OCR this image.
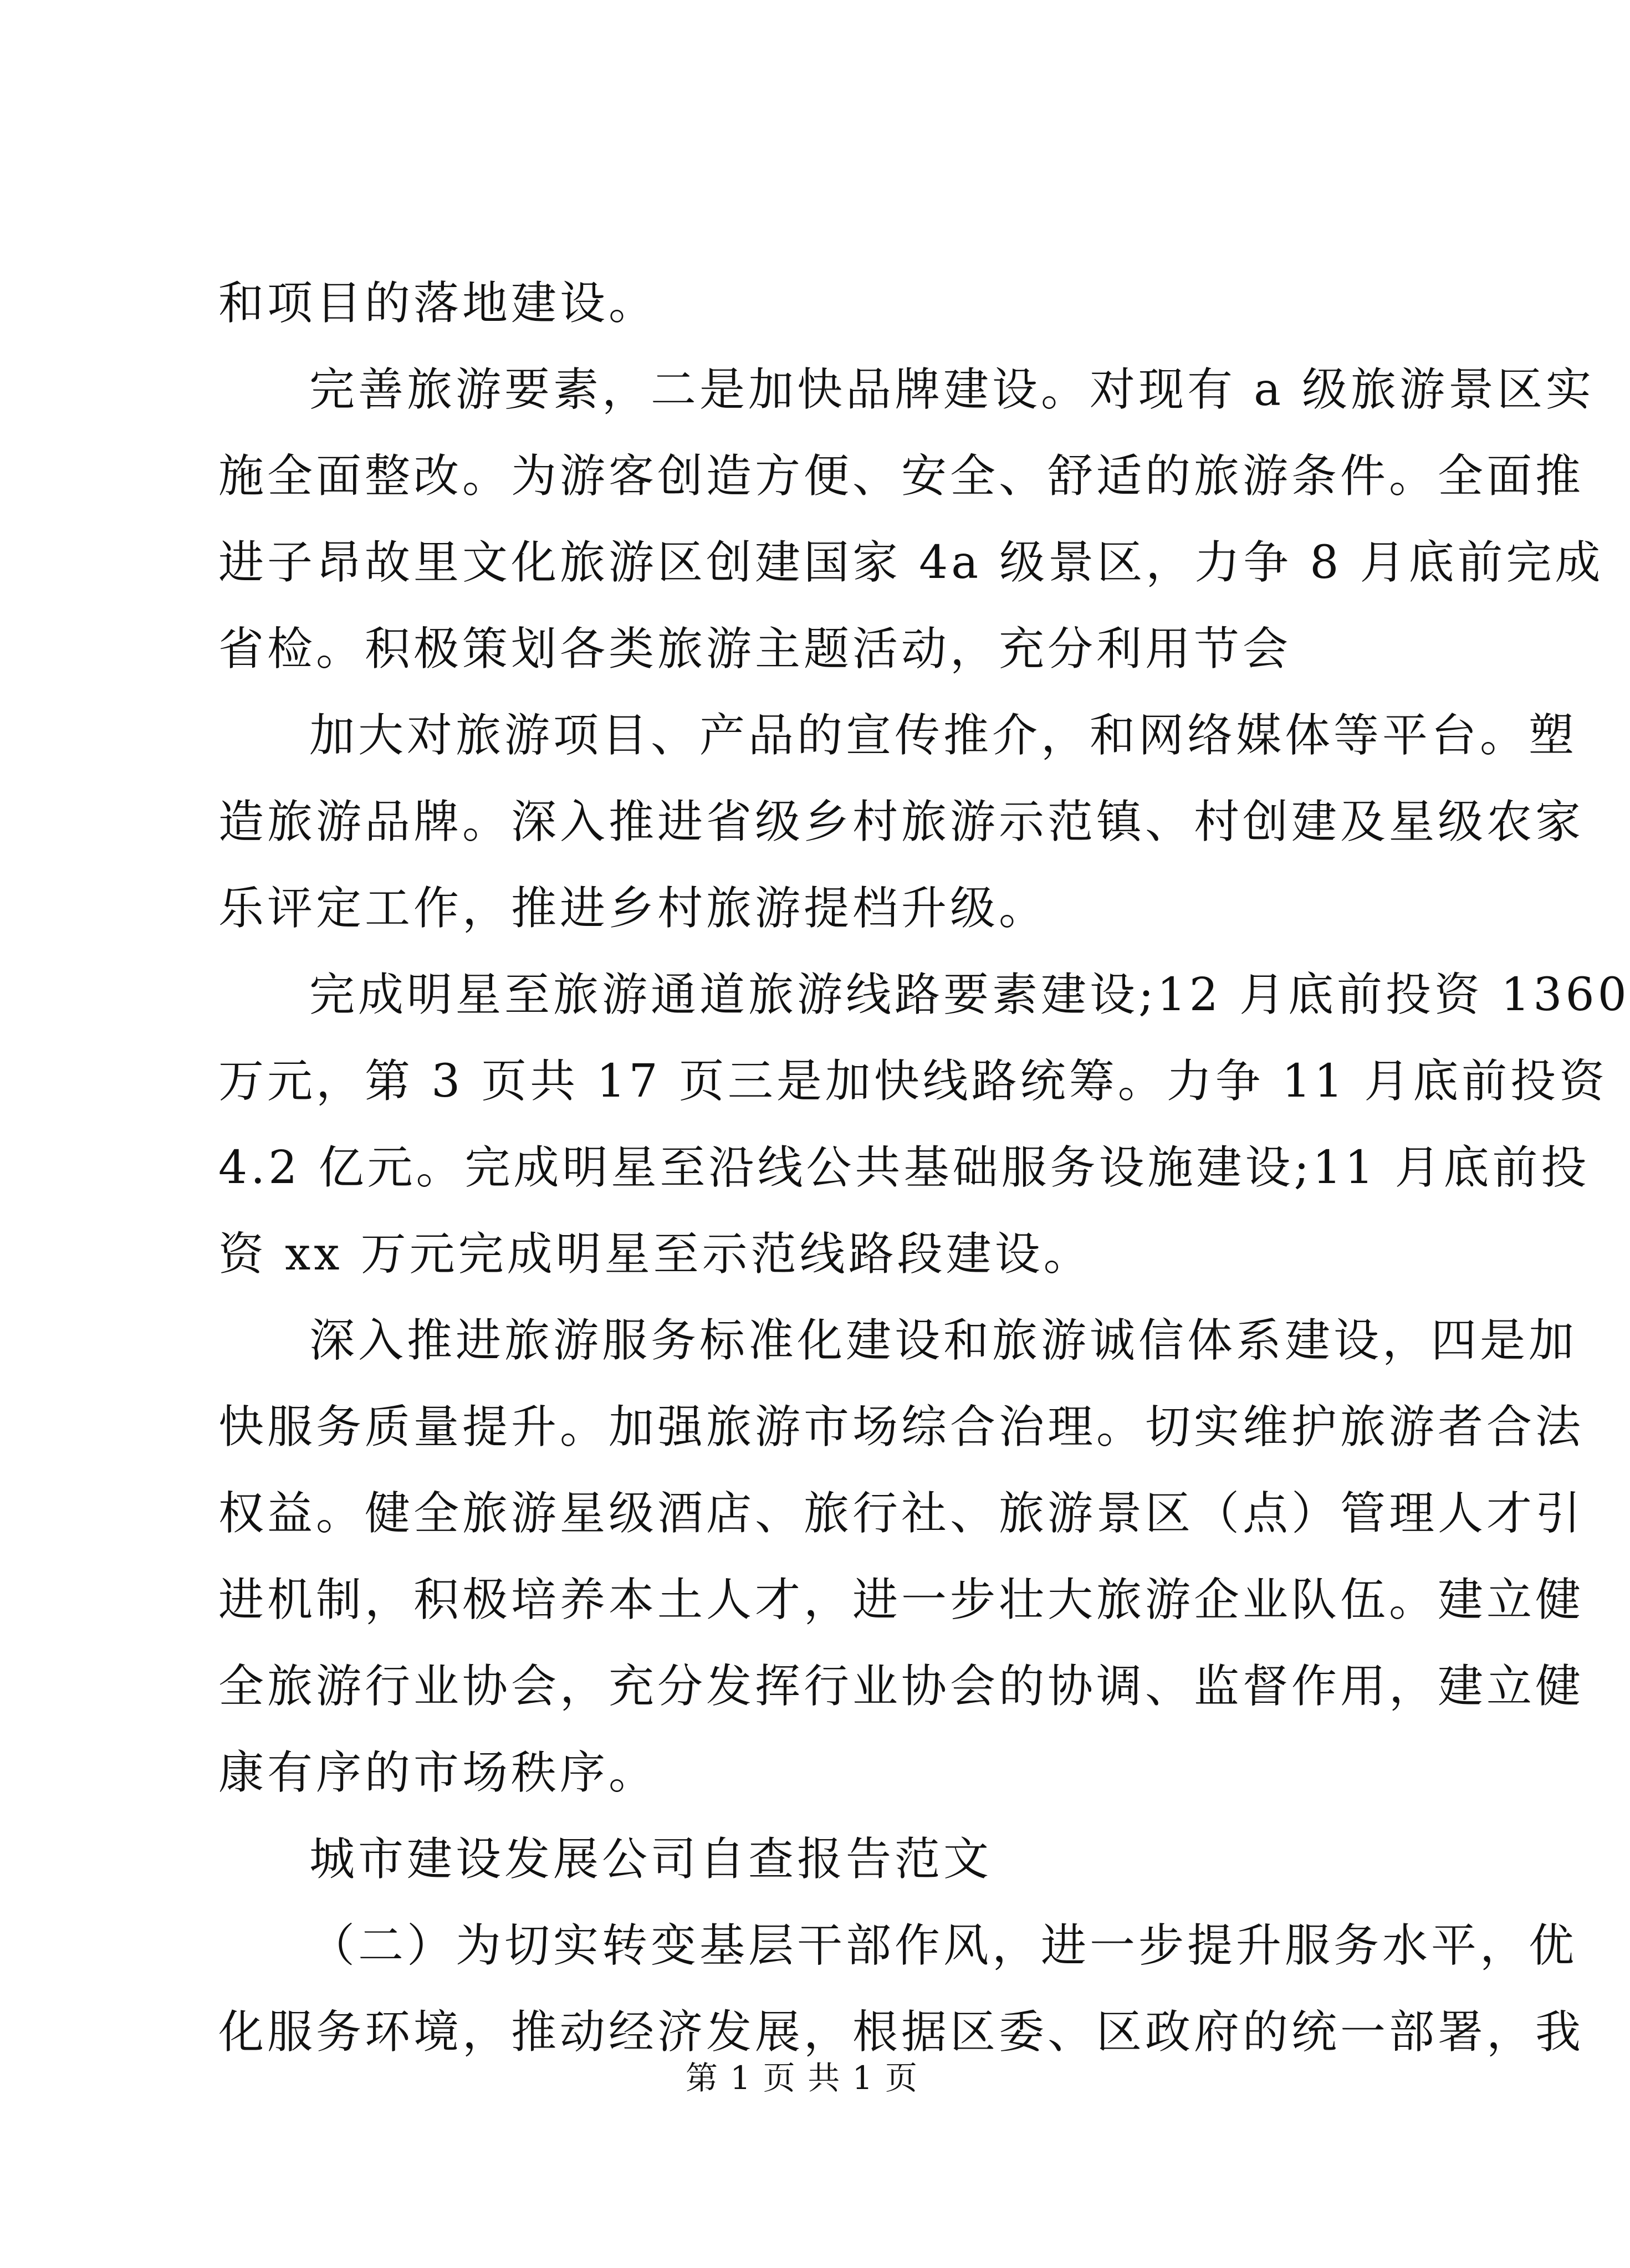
和项目的落地建设。
完善旅游要素，二是加快品牌建设。对现有 a 级旅游景区实
施全面整改。为游客创造方便、安全、舒适的旅游条件。全面推
进子昂故里文化旅游区创建国家 4a 级景区，力争 8 月底前完成
省检。积极策划各类旅游主题活动，充分利用节会
加大对旅游项目、产品的宣传推介，和网络媒体等平台。塑
造旅游品牌。深入推进省级乡村旅游示范镇、村创建及星级农家
乐评定工作，推进乡村旅游提档升级。
完成明星至旅游通道旅游线路要素建设;12 月底前投资 1360
万元，第 3 页共 17 页三是加快线路统筹。力争 11 月底前投资
4.2 亿元。完成明星至沿线公共基础服务设施建设;11 月底前投
资 xx 万元完成明星至示范线路段建设。
深入推进旅游服务标准化建设和旅游诚信体系建设，四是加
快服务质量提升。加强旅游市场综合治理。切实维护旅游者合法
权益。健全旅游星级酒店、旅行社、旅游景区（点）管理人才引
进机制，积极培养本土人才，进一步壮大旅游企业队伍。建立健
全旅游行业协会，充分发挥行业协会的协调、监督作用，建立健
康有序的市场秩序。
城市建设发展公司自查报告范文
（二）为切实转变基层干部作风，进一步提升服务水平，优
化服务环境，推动经济发展，根据区委、区政府的统一部署，我
第 1 页 共 1 页
